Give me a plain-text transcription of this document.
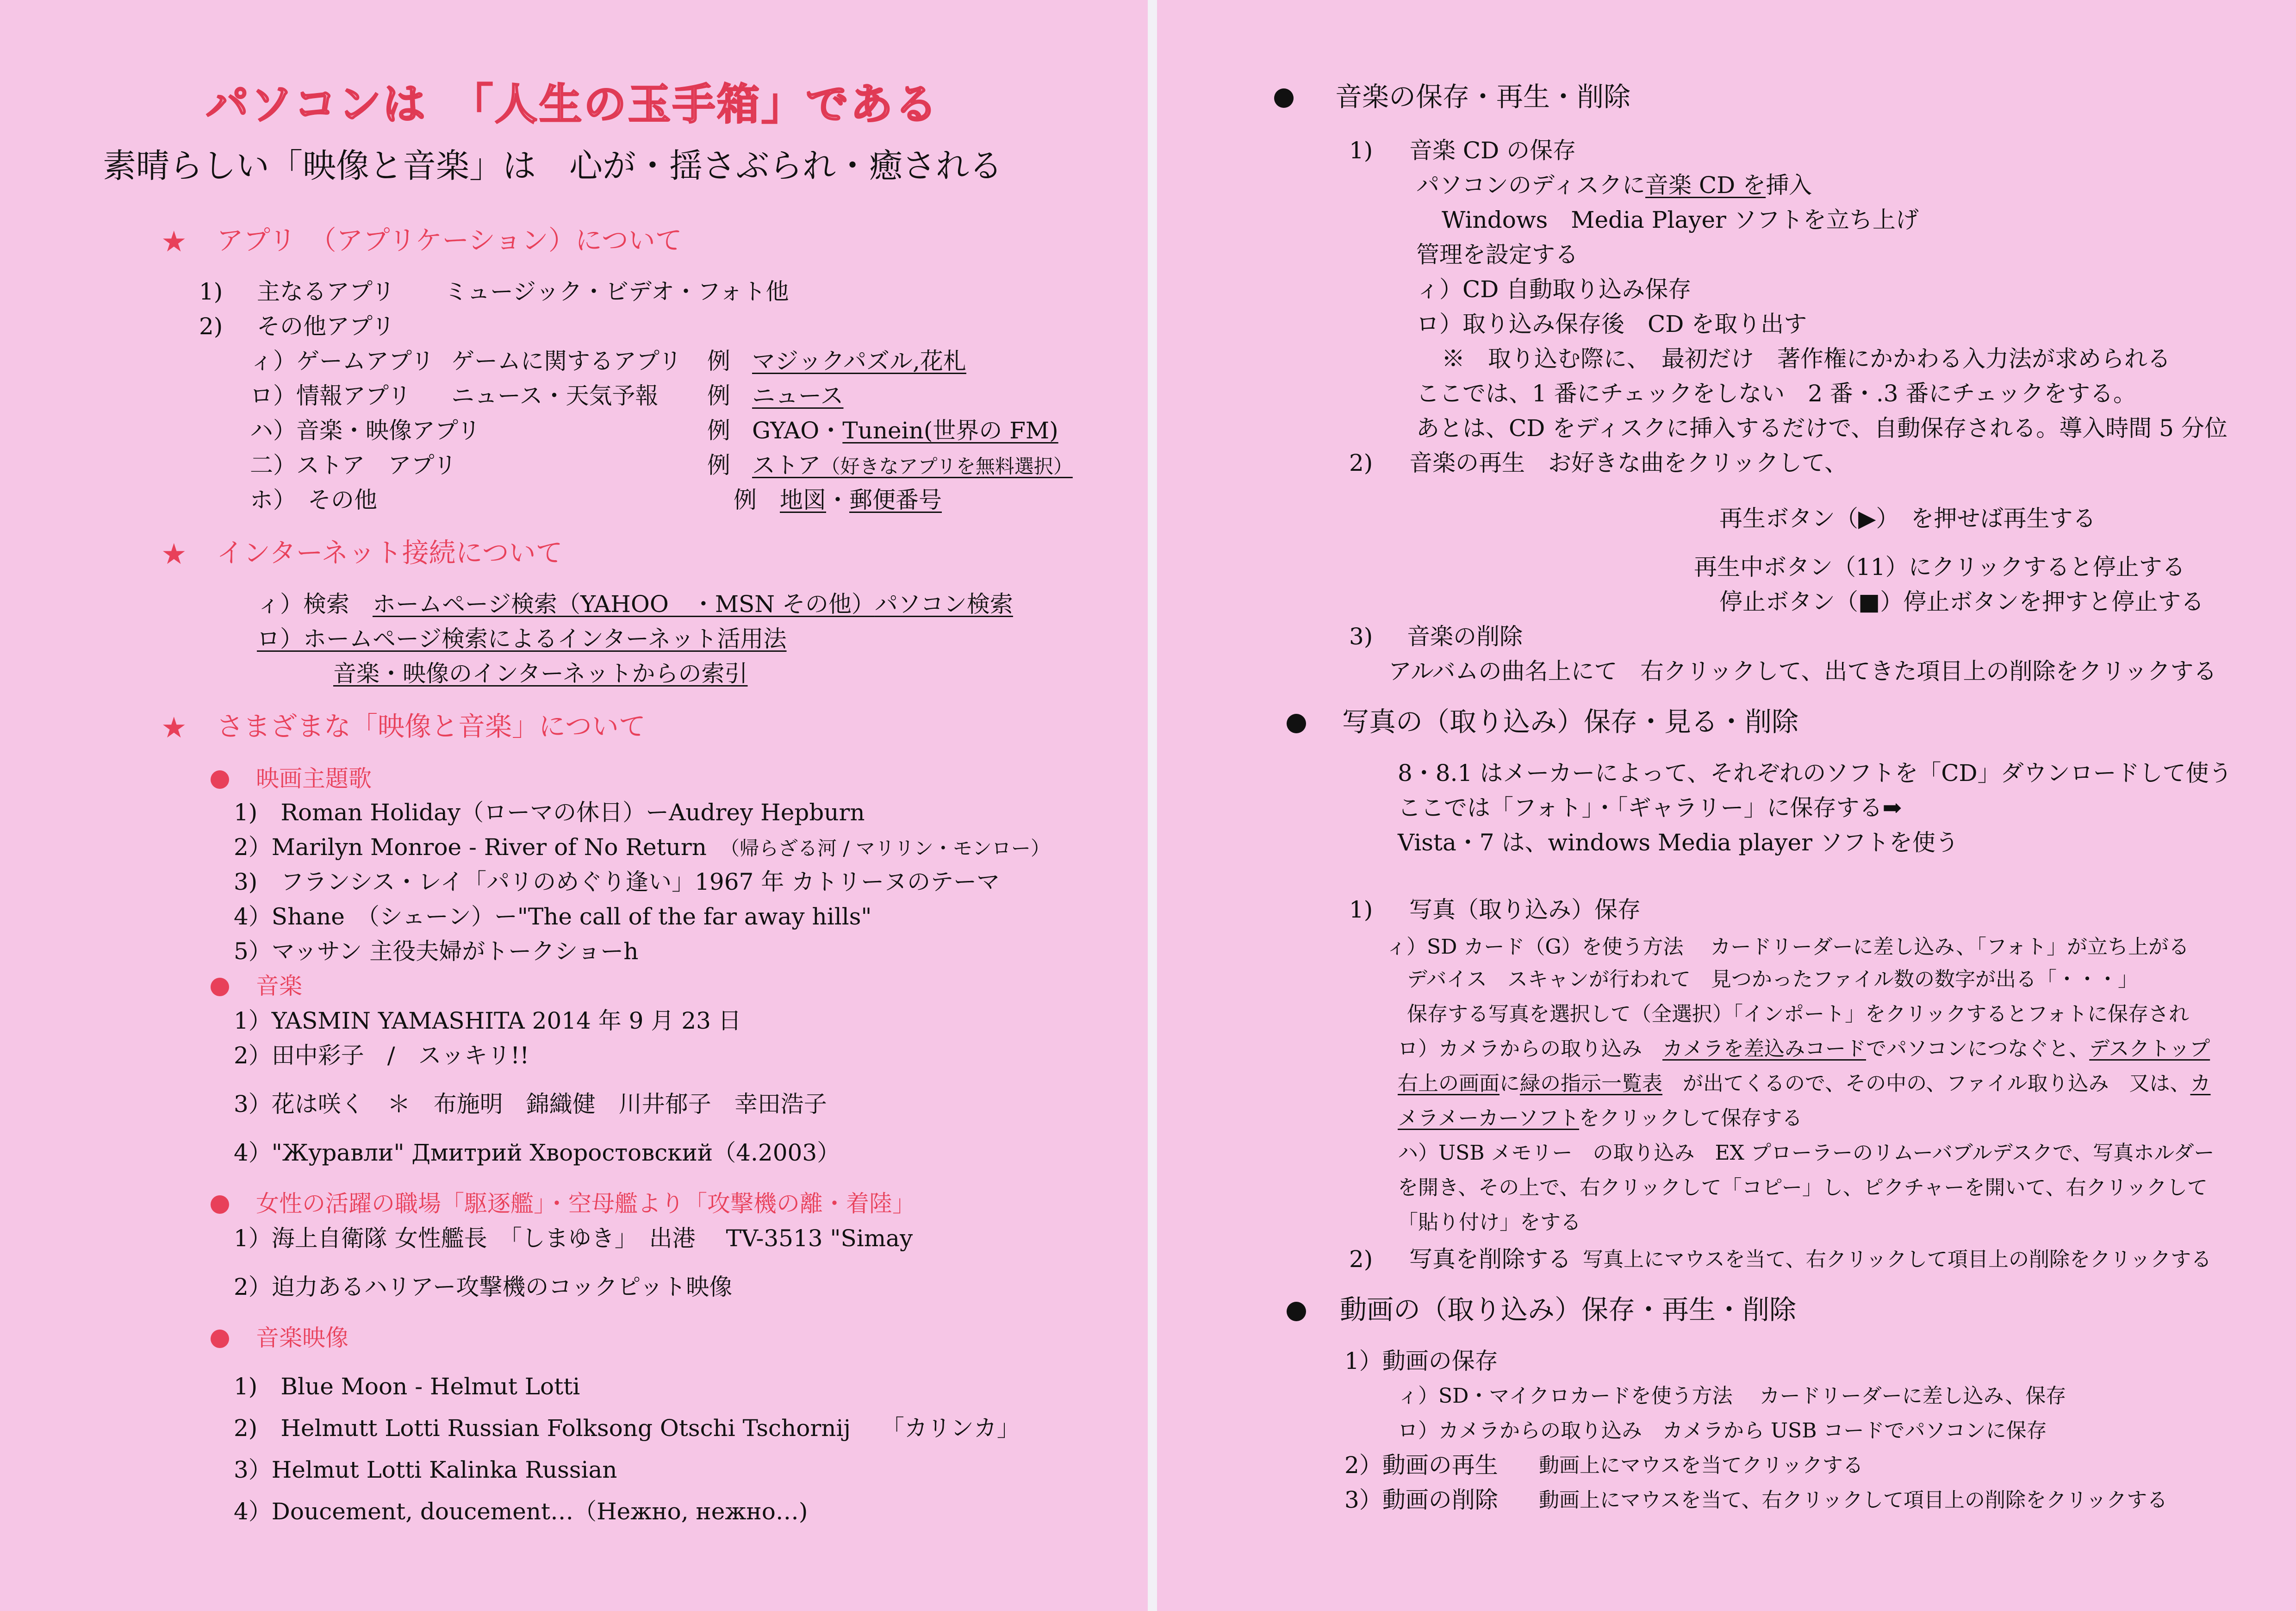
パソコンは　「人生の玉手箱」である
素晴らしい「映像と音楽」は　心が・揺さぶられ・癒される
★ アプリ　（アプリケーション）について
1) 主なるアプリ ミュージック・ビデオ・フォト他
2) その他アプリ
ィ）ゲームアプリ ゲームに関するアプリ 例 マジックパズル,花札
ロ）情報アプリ ニュース・天気予報 例 ニュース
ハ）音楽・映像アプリ	例 GYAO・Tunein(世界の FM)
二）ストア　アプリ	例 ストア（好きなアプリを無料選択）
ホ）　その他	例 地図・郵便番号
★ インターネット接続について
ィ）検索　ホームページ検索（YAHOO　・MSN その他）パソコン検索
ロ）ホームページ検索によるインターネット活用法
音楽・映像のインターネットからの索引
★ さまざまな「映像と音楽」について
映画主題歌
1)　Roman Holiday（ローマの休日）ーAudrey Hepburn
2）Marilyn Monroe - River of No Return　（帰らざる河 / マリリン・モンロー）
3)　フランシス・レイ「パリのめぐり逢い」1967 年 カトリーヌのテーマ
4）Shane　（シェーン）ー"The call of the far away hills"
5）マッサン 主役夫婦がトークショーh
音楽
1）YASMIN YAMASHITA 2014 年 9 月 23 日
2）田中彩子　/　スッキリ!!
3）花は咲く　＊　布施明　錦織健　川井郁子　幸田浩子
4）"Журавли" Дмитрий Хворостовский（4.2003）
女性の活躍の職場「駆逐艦」・空母艦より「攻撃機の離・着陸」
1）海上自衛隊 女性艦長　「しまゆき」　出港　 TV-3513 "Simay
2）迫力あるハリアー攻撃機のコックピット映像
音楽映像
1)　Blue Moon - Helmut Lotti
2)　Helmutt Lotti Russian Folksong Otschi Tschornij　 「カリンカ」
3）Helmut Lotti Kalinka Russian
4）Doucement, doucement…（Нежно, нежно…)
音楽の保存・再生・削除
1) 音楽 CD の保存
パソコンのディスクに音楽 CD を挿入
Windows　Media Player ソフトを立ち上げ
管理を設定する
ィ）CD 自動取り込み保存
ロ）取り込み保存後　CD を取り出す
※　取り込む際に、　最初だけ　著作権にかかわる入力法が求められる
ここでは、1 番にチェックをしない　2 番・.3 番にチェックをする。
あとは、CD をディスクに挿入するだけで、自動保存される。導入時間 5 分位
2) 音楽の再生 お好きな曲をクリックして、
再生ボタン（▶）　を押せば再生する
再生中ボタン（11）にクリックすると停止する
停止ボタン（■）停止ボタンを押すと停止する
3) 音楽の削除
アルバムの曲名上にて　右クリックして、出てきた項目上の削除をクリックする
写真の（取り込み）保存・見る・削除
8・8.1 はメーカーによって、それぞれのソフトを「CD」ダウンロードして使う
ここでは「フォト」・「ギャラリー」に保存する➡
Vista・7 は、windows Media player ソフトを使う
1) 写真（取り込み）保存
ィ）SD カード（G）を使う方法　 カードリーダーに差し込み、「フォト」が立ち上がる
デバイス　スキャンが行われて　見つかったファイル数の数字が出る「・・・」
保存する写真を選択して（全選択）「インポート」をクリックするとフォトに保存され
ロ）カメラからの取り込み　カメラを差込みコードでパソコンにつなぐと、デスクトップ
右上の画面に緑の指示一覧表　が出てくるので、その中の、ファイル取り込み　又は、カ
メラメーカーソフトをクリックして保存する
ハ）USB メモリー　の取り込み　EX プローラーのリムーバブルデスクで、写真ホルダー
を開き、その上で、右クリックして「コピー」し、ピクチャーを開いて、右クリックして
「貼り付け」をする
2) 写真を削除する 写真上にマウスを当て、右クリックして項目上の削除をクリックする
動画の（取り込み）保存・再生・削除
1）動画の保存
ィ）SD・マイクロカードを使う方法　 カードリーダーに差し込み、保存
ロ）カメラからの取り込み　カメラから USB コードでパソコンに保存
2）動画の再生 動画上にマウスを当てクリックする
3）動画の削除 動画上にマウスを当て、右クリックして項目上の削除をクリックする
